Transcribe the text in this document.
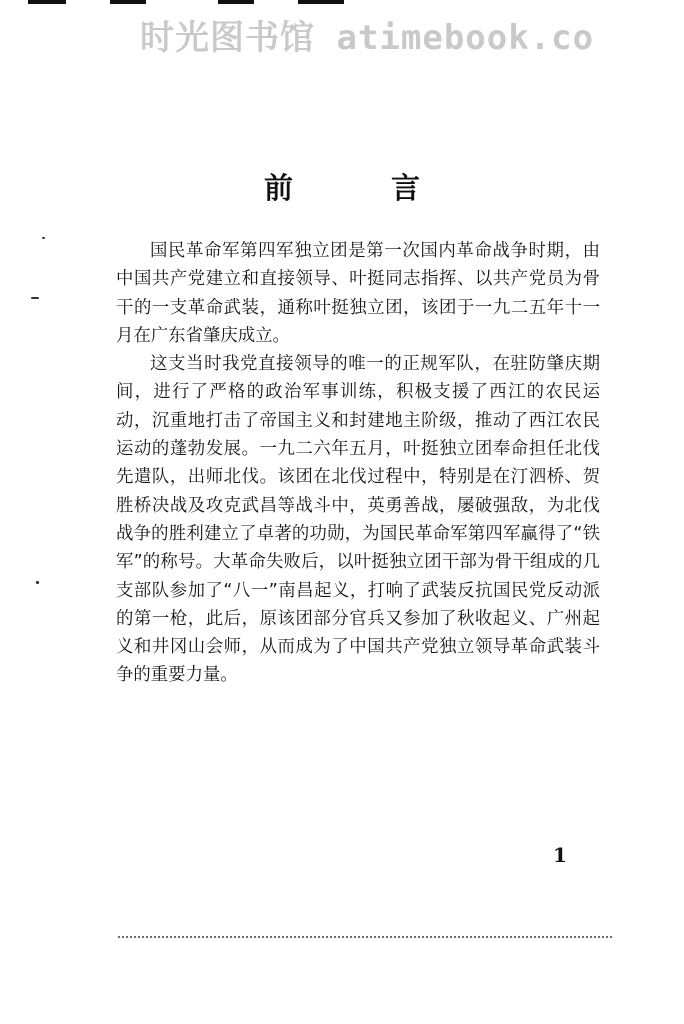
时光图书馆 atimebook.co
前 言

国民革命军第四军独立团是第一次国内革命战争时期，由中国共产党建立和直接领导、叶挺同志指挥、以共产党员为骨干的一支革命武装，通称叶挺独立团，该团于一九二五年十一月在广东省肇庆成立。

这支当时我党直接领导的唯一的正规军队，在驻防肇庆期间，进行了严格的政治军事训练，积极支援了西江的农民运动，沉重地打击了帝国主义和封建地主阶级，推动了西江农民运动的蓬勃发展。一九二六年五月，叶挺独立团奉命担任北伐先遣队，出师北伐。该团在北伐过程中，特别是在汀泗桥、贺胜桥决战及攻克武昌等战斗中，英勇善战，屡破强敌，为北伐战争的胜利建立了卓著的功勋，为国民革命军第四军赢得了“铁军”的称号。大革命失败后，以叶挺独立团干部为骨干组成的几支部队参加了“八一”南昌起义，打响了武装反抗国民党反动派的第一枪，此后，原该团部分官兵又参加了秋收起义、广州起义和井冈山会师，从而成为了中国共产党独立领导革命武装斗争的重要力量。

1
